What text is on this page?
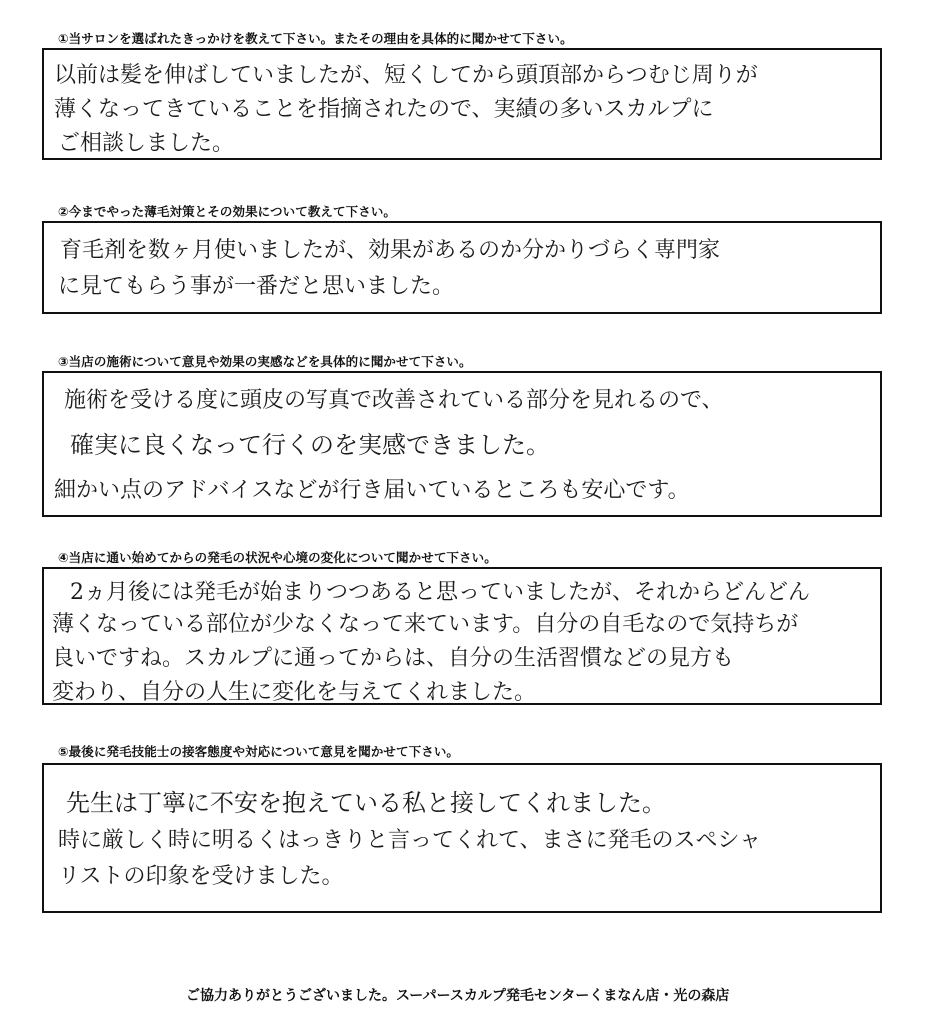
①当サロンを選ばれたきっかけを教えて下さい。またその理由を具体的に聞かせて下さい。
以前は髪を伸ばしていましたが、短くしてから頭頂部からつむじ周りが
薄くなってきていることを指摘されたので、実績の多いスカルプに
ご相談しました。
②今までやった薄毛対策とその効果について教えて下さい。
育毛剤を数ヶ月使いましたが、効果があるのか分かりづらく専門家
に見てもらう事が一番だと思いました。
③当店の施術について意見や効果の実感などを具体的に聞かせて下さい。
施術を受ける度に頭皮の写真で改善されている部分を見れるので、
確実に良くなって行くのを実感できました。
細かい点のアドバイスなどが行き届いているところも安心です。
④当店に通い始めてからの発毛の状況や心境の変化について聞かせて下さい。
2ヵ月後には発毛が始まりつつあると思っていましたが、それからどんどん
薄くなっている部位が少なくなって来ています。自分の自毛なので気持ちが
良いですね。スカルプに通ってからは、自分の生活習慣などの見方も
変わり、自分の人生に変化を与えてくれました。
⑤最後に発毛技能士の接客態度や対応について意見を聞かせて下さい。
先生は丁寧に不安を抱えている私と接してくれました。
時に厳しく時に明るくはっきりと言ってくれて、まさに発毛のスペシャ
リストの印象を受けました。
ご協力ありがとうございました。スーパースカルプ発毛センターくまなん店・光の森店
